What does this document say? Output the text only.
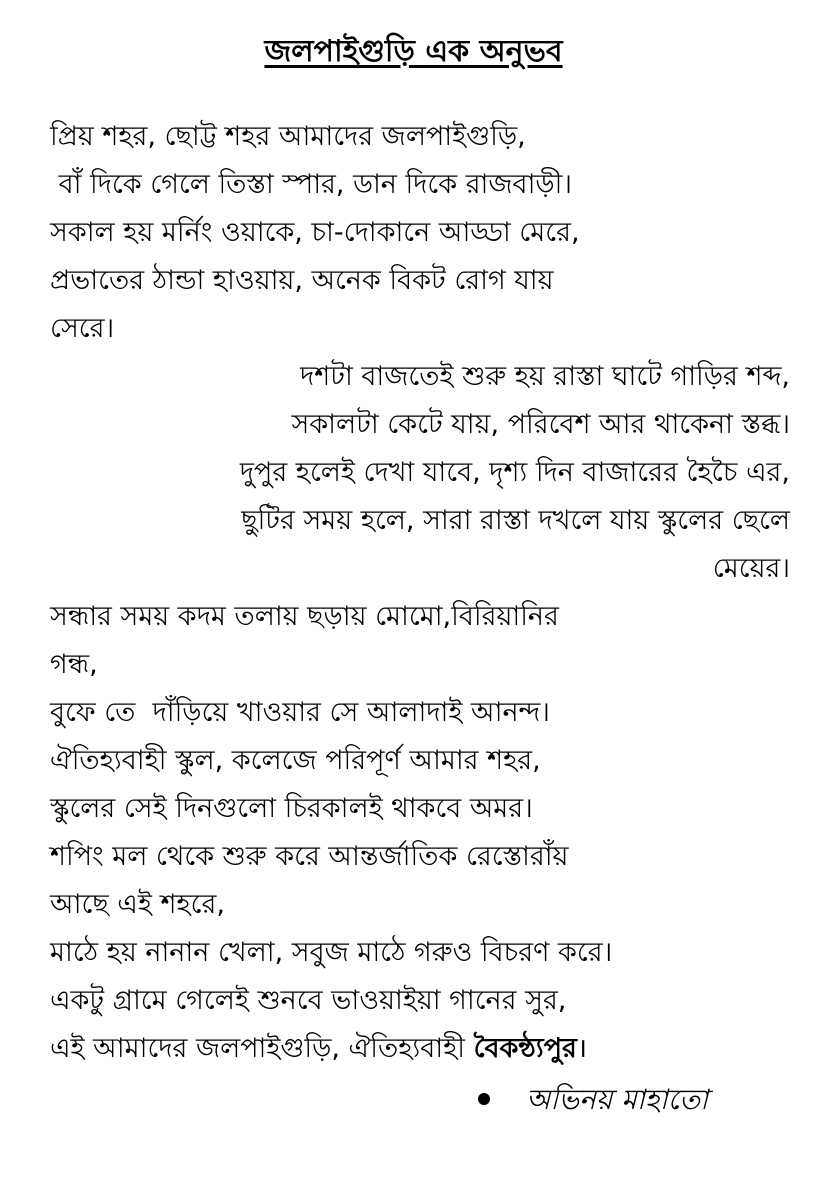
জলপাইগুড়ি এক অনুভব
প্রিয় শহর, ছোট্ট শহর আমাদের জলপাইগুড়ি,
বাঁ দিকে গেলে তিস্তা স্পার, ডান দিকে রাজবাড়ী।
সকাল হয় মর্নিং ওয়াকে, চা-দোকানে আড্ডা মেরে,
প্রভাতের ঠান্ডা হাওয়ায়, অনেক বিকট রোগ যায়
সেরে।
দশটা বাজতেই শুরু হয় রাস্তা ঘাটে গাড়ির শব্দ,
সকালটা কেটে যায়, পরিবেশ আর থাকেনা স্তব্ধ।
দুপুর হলেই দেখা যাবে, দৃশ্য দিন বাজারের হৈচৈ এর,
ছুটির সময় হলে, সারা রাস্তা দখলে যায় স্কুলের ছেলে
মেয়ের।
সন্ধার সময় কদম তলায় ছড়ায় মোমো,বিরিয়ানির
গন্ধ,
বুফে তে  দাঁড়িয়ে খাওয়ার সে আলাদাই আনন্দ।
ঐতিহ্যবাহী স্কুল, কলেজে পরিপূর্ণ আমার শহর,
স্কুলের সেই দিনগুলো চিরকালই থাকবে অমর।
শপিং মল থেকে শুরু করে আন্তর্জাতিক রেস্তোরাঁয়
আছে এই শহরে,
মাঠে হয় নানান খেলা, সবুজ মাঠে গরুও বিচরণ করে।
একটু গ্রামে গেলেই শুনবে ভাওয়াইয়া গানের সুর,
এই আমাদের জলপাইগুড়ি, ঐতিহ্যবাহী বৈকন্ঠ্যপুর।
অভিনয় মাহাতো
